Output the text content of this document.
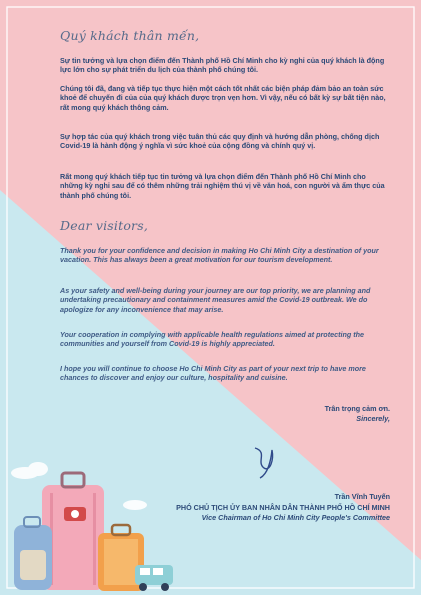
Quý khách thân mến,

Sự tin tưởng và lựa chọn điểm đến Thành phố Hồ Chí Minh cho kỳ nghỉ của quý khách là động lực lớn cho sự phát triển du lịch của thành phố chúng tôi.

Chúng tôi đã, đang và tiếp tục thực hiện một cách tốt nhất các biện pháp đảm bảo an toàn sức khoẻ để chuyến đi của của quý khách được trọn vẹn hơn. Vì vậy, nếu có bất kỳ sự bất tiện nào, rất mong quý khách thông cảm.

Sự hợp tác của quý khách trong việc tuân thủ các quy định và hướng dẫn phòng, chống dịch Covid-19 là hành động ý nghĩa vì sức khoẻ của cộng đồng và chính quý vị.

Rất mong quý khách tiếp tục tin tưởng và lựa chọn điểm đến Thành phố Hồ Chí Minh cho những kỳ nghỉ sau để có thêm những trải nghiệm thú vị về văn hoá, con người và ẩm thực của thành phố chúng tôi.

Dear visitors,

Thank you for your confidence and decision in making Ho Chi Minh City a destination of your vacation. This has always been a great motivation for our tourism development.

As your safety and well-being during your journey are our top priority, we are planning and undertaking precautionary and containment measures amid the Covid-19 outbreak. We do apologize for any inconvenience that may arise.

Your cooperation in complying with applicable health regulations aimed at protecting the communities and yourself from Covid-19 is highly appreciated.

I hope you will continue to choose Ho Chi Minh City as part of your next trip to have more chances to discover and enjoy our culture, hospitality and cuisine.

Trân trọng cảm ơn.
Sincerely,
Trần Vĩnh Tuyến
PHÓ CHỦ TỊCH ỦY BAN NHÂN DÂN THÀNH PHỐ HỒ CHÍ MINH
Vice Chairman of Ho Chi Minh City People's Committee
